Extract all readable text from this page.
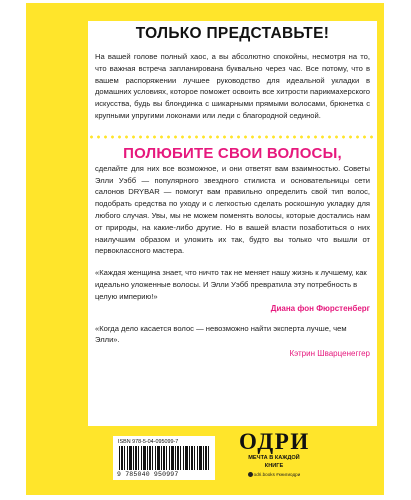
ТОЛЬКО ПРЕДСТАВЬТЕ!

На вашей голове полный хаос, а вы абсолютно спокойны, несмотря на то, что важная встреча запланирована буквально через час. Все потому, что в вашем распоряжении лучшее руководство для идеальной укладки в домашних условиях, которое поможет освоить все хитрости парикмахерского искусства, будь вы блондинка с шикарными прямыми волосами, брюнетка с крупными упругими локонами или леди с благородной сединой.

ПОЛЮБИТЕ СВОИ ВОЛОСЫ,

сделайте для них все возможное, и они ответят вам взаимностью. Советы Элли Уэбб — популярного звездного стилиста и основательницы сети салонов DRYBAR — помогут вам правильно определить свой тип волос, подобрать средства по уходу и с легкостью сделать роскошную укладку для любого случая. Увы, мы не можем поменять волосы, которые достались нам от природы, на какие-либо другие. Но в вашей власти позаботиться о них наилучшим образом и уложить их так, будто вы только что вышли от первоклассного мастера.

«Каждая женщина знает, что ничто так не меняет нашу жизнь к лучшему, как идеально уложенные волосы. И Элли Уэбб превратила эту потребность в целую империю!»

Диана фон Фюрстенберг

«Когда дело касается волос — невозможно найти эксперта лучше, чем Элли».

Кэтрин Шварценеггер
ISBN 978-5-04-095099-7
9 785040 950997
ОДРИ
МЕЧТА В КАЖДОЙ
КНИГЕ
odri.books #книгиодри
